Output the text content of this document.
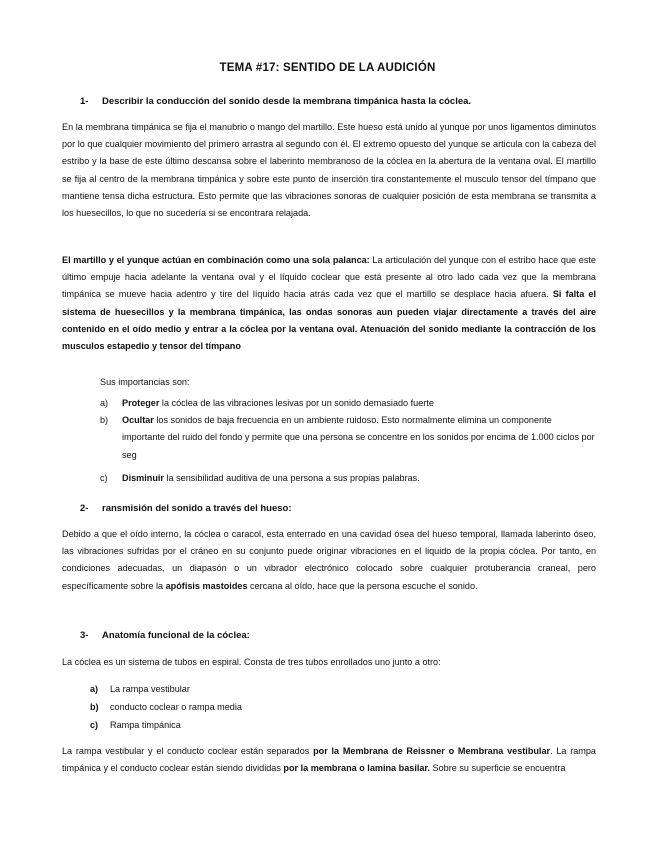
TEMA #17: SENTIDO DE LA AUDICIÓN
1- Describir la conducción del sonido desde la membrana timpánica hasta la cóclea.

En la membrana timpánica se fija el manubrio o mango del martillo. Este hueso está unido al yunque por unos ligamentos diminutos por lo que cualquier movimiento del primero arrastra al segundo con él. El extremo opuesto del yunque se articula con la cabeza del estribo y la base de este último descansa sobre el laberinto membranoso de la cóclea en la abertura de la ventana oval. El martillo se fija al centro de la membrana timpánica y sobre este punto de inserción tira constantemente el musculo tensor del tímpano que mantiene tensa dicha estructura. Esto permite que las vibraciones sonoras de cualquier posición de esta membrana se transmita a los huesecillos, lo que no sucedería si se encontrara relajada.

El martillo y el yunque actúan en combinación como una sola palanca: La articulación del yunque con el estribo hace que este último empuje hacia adelante la ventana oval y el líquido coclear que está presente al otro lado cada vez que la membrana timpánica se mueve hacia adentro y tire del líquido hacia atrás cada vez que el martillo se desplace hacia afuera. Si falta el sistema de huesecillos y la membrana timpánica, las ondas sonoras aun pueden viajar directamente a través del aire contenido en el oído medio y entrar a la cóclea por la ventana oval. Atenuación del sonido mediante la contracción de los musculos estapedio y tensor del tímpano

Sus importancias son:
a) Proteger la cóclea de las vibraciones lesivas por un sonido demasiado fuerte
b) Ocultar los sonidos de baja frecuencia en un ambiente ruidoso. Esto normalmente elimina un componente importante del ruido del fondo y permite que una persona se concentre en los sonidos por encima de 1.000 ciclos por seg
c) Disminuir la sensibilidad auditiva de una persona a sus propias palabras.
2- ransmisión del sonido a través del hueso:

Debido a que el oído interno, la cóclea o caracol, esta enterrado en una cavidad ósea del hueso temporal, llamada laberinto óseo, las vibraciones sufridas por el cráneo en su conjunto puede originar vibraciones en el liquido de la propia cóclea. Por tanto, en condiciones adecuadas, un diapasón o un vibrador electrónico colocado sobre cualquier protuberancia craneal, pero específicamente sobre la apófisis mastoides cercana al oído, hace que la persona escuche el sonido.

3- Anatomía funcional de la cóclea:

La cóclea es un sistema de tubos en espiral. Consta de tres tubos enrollados uno junto a otro:

a) La rampa vestibular
b) conducto coclear o rampa media
c) Rampa timpánica

La rampa vestibular y el conducto coclear están separados por la Membrana de Reissner o Membrana vestibular. La rampa timpánica y el conducto coclear están siendo divididas por la membrana o lamina basilar. Sobre su superficie se encuentra
